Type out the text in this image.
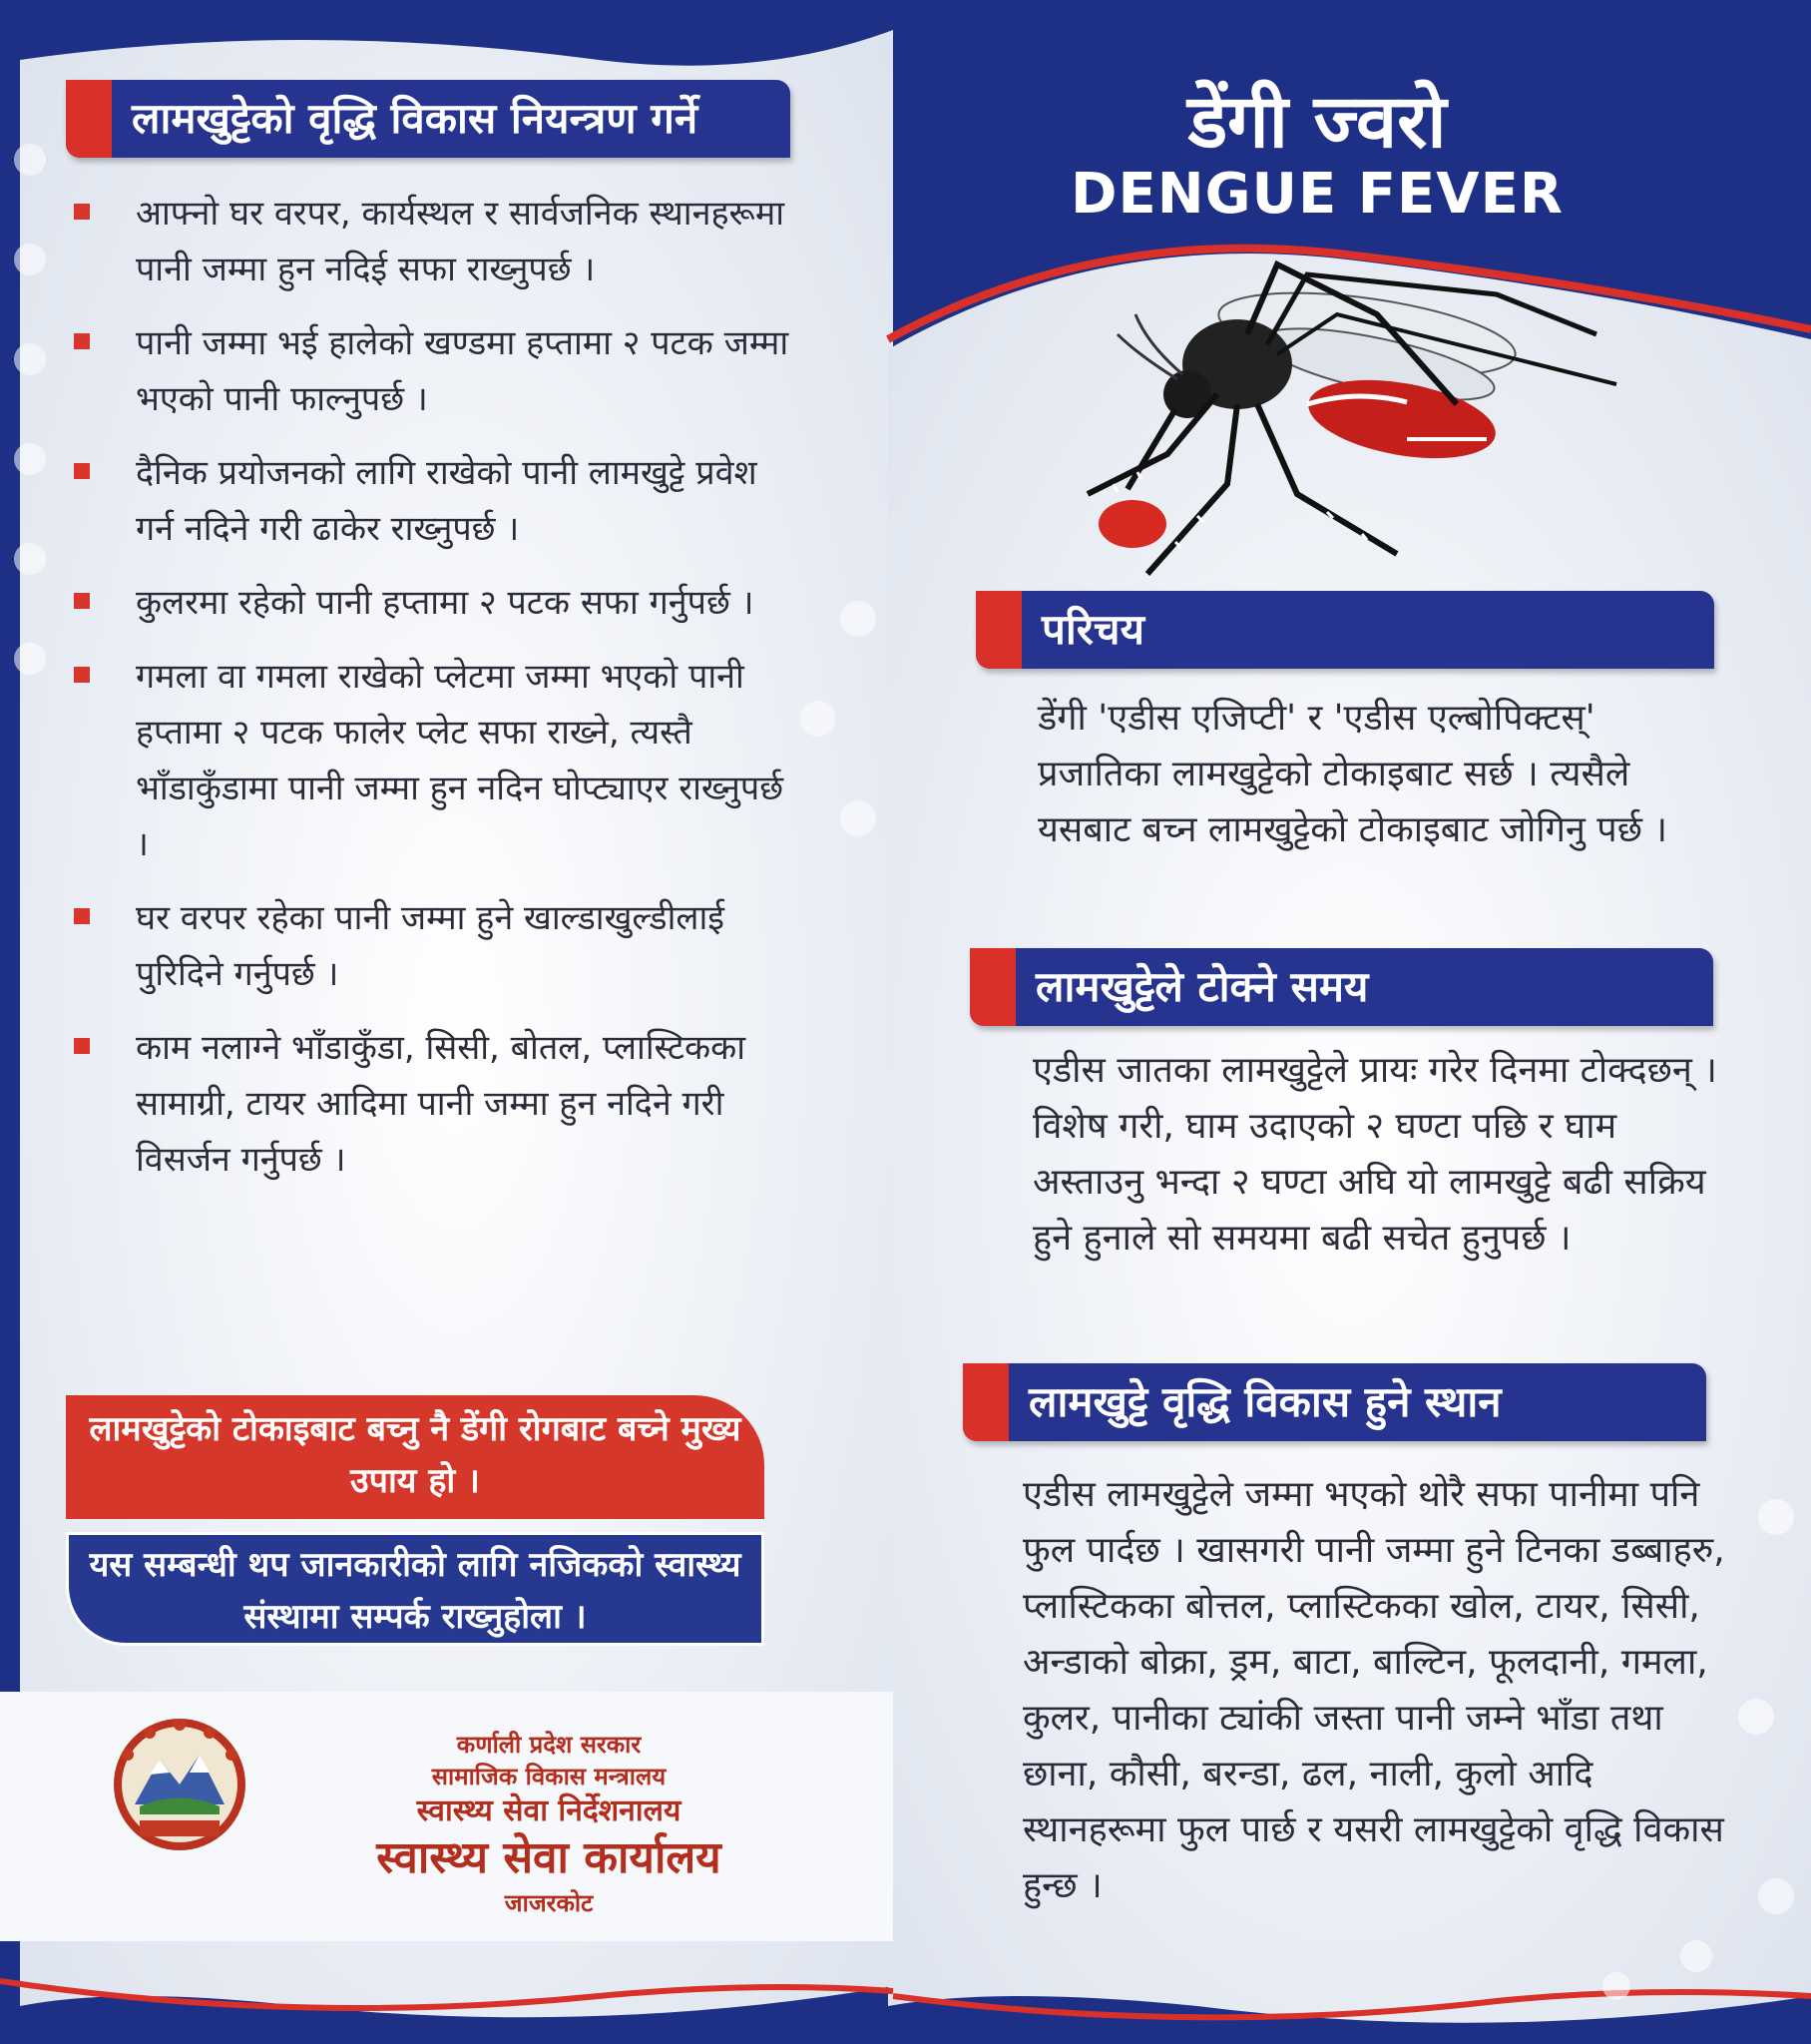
डेंगी ज्वरो
DENGUE FEVER
लामखुट्टेको वृद्धि विकास नियन्त्रण गर्ने
आफ्नो घर वरपर, कार्यस्थल र सार्वजनिक स्थानहरूमा पानी जम्मा हुन नदिई सफा राख्नुपर्छ ।
पानी जम्मा भई हालेको खण्डमा हप्तामा २ पटक जम्मा भएको पानी फाल्नुपर्छ ।
दैनिक प्रयोजनको लागि राखेको पानी लामखुट्टे प्रवेश गर्न नदिने गरी ढाकेर राख्नुपर्छ ।
कुलरमा रहेको पानी हप्तामा २ पटक सफा गर्नुपर्छ ।
गमला वा गमला राखेको प्लेटमा जम्मा भएको पानी हप्तामा २ पटक फालेर प्लेट सफा राख्ने, त्यस्तै भाँडाकुँडामा पानी जम्मा हुन नदिन घोप्ट्याएर राख्नुपर्छ ।
घर वरपर रहेका पानी जम्मा हुने खाल्डाखुल्डीलाई पुरिदिने गर्नुपर्छ ।
काम नलाग्ने भाँडाकुँडा, सिसी, बोतल, प्लास्टिकका सामाग्री, टायर आदिमा पानी जम्मा हुन नदिने गरी विसर्जन गर्नुपर्छ ।
लामखुट्टेको टोकाइबाट बच्नु नै डेंगी रोगबाट बच्ने मुख्य उपाय हो ।
यस सम्बन्धी थप जानकारीको लागि नजिकको स्वास्थ्य संस्थामा सम्पर्क राख्नुहोला ।
कर्णाली प्रदेश सरकार
सामाजिक विकास मन्त्रालय
स्वास्थ्य सेवा निर्देशनालय
स्वास्थ्य सेवा कार्यालय
जाजरकोट
परिचय
डेंगी 'एडीस एजिप्टी' र 'एडीस एल्बोपिक्टस्' प्रजातिका लामखुट्टेको टोकाइबाट सर्छ । त्यसैले यसबाट बच्न लामखुट्टेको टोकाइबाट जोगिनु पर्छ ।
लामखुट्टेले टोक्ने समय
एडीस जातका लामखुट्टेले प्रायः गरेर दिनमा टोक्दछन् । विशेष गरी, घाम उदाएको २ घण्टा पछि र घाम अस्ताउनु भन्दा २ घण्टा अघि यो लामखुट्टे बढी सक्रिय हुने हुनाले सो समयमा बढी सचेत हुनुपर्छ ।
लामखुट्टे वृद्धि विकास हुने स्थान
एडीस लामखुट्टेले जम्मा भएको थोरै सफा पानीमा पनि फुल पार्दछ । खासगरी पानी जम्मा हुने टिनका डब्बाहरु, प्लास्टिकका बोत्तल, प्लास्टिकका खोल, टायर, सिसी, अन्डाको बोक्रा, ड्रम, बाटा, बाल्टिन, फूलदानी, गमला, कुलर, पानीका ट्यांकी जस्ता पानी जम्ने भाँडा तथा छाना, कौसी, बरन्डा, ढल, नाली, कुलो आदि स्थानहरूमा फुल पार्छ र यसरी लामखुट्टेको वृद्धि विकास हुन्छ ।
